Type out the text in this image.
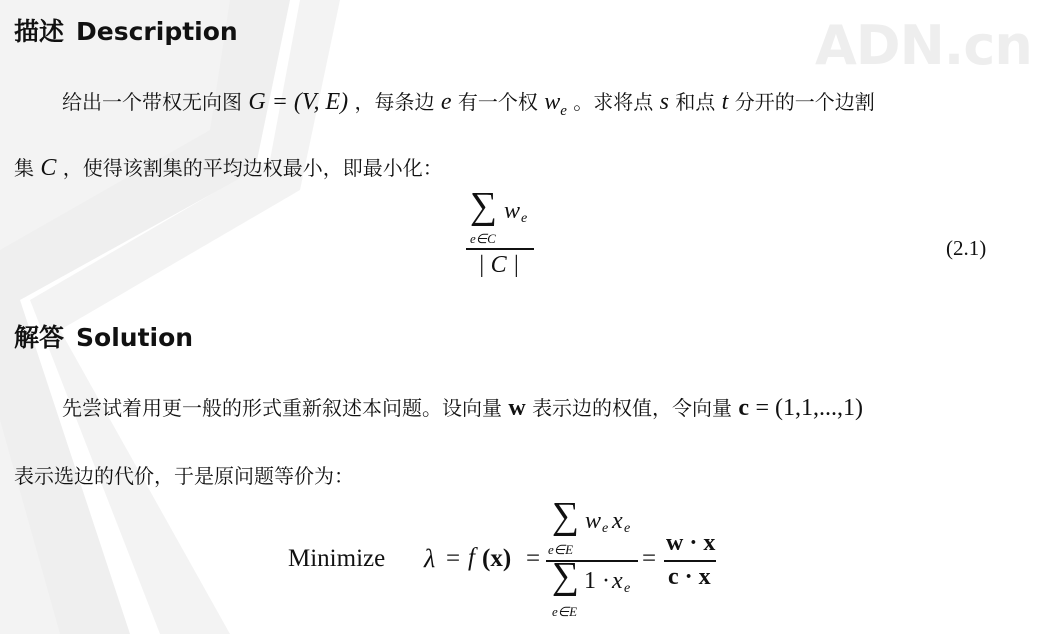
ADN.cn
描述 Description
给出一个带权无向图 G = (V, E) ，每条边 e 有一个权 $w_e$ 。求将点 s 和点 t 分开的一个边割
集 C ，使得该割集的平均边权最小，即最小化：
∑ w e
e∈C
| C |
(2.1)
解答 Solution
先尝试着用更一般的形式重新叙述本问题。设向量 w 表示边的权值，令向量 c = (1,1,...,1)
表示选边的代价，于是原问题等价为：
Minimize λ = f (x) =
∑ w e x e
e∈E
∑ 1 · x e
e∈E
=
w · x
c · x
